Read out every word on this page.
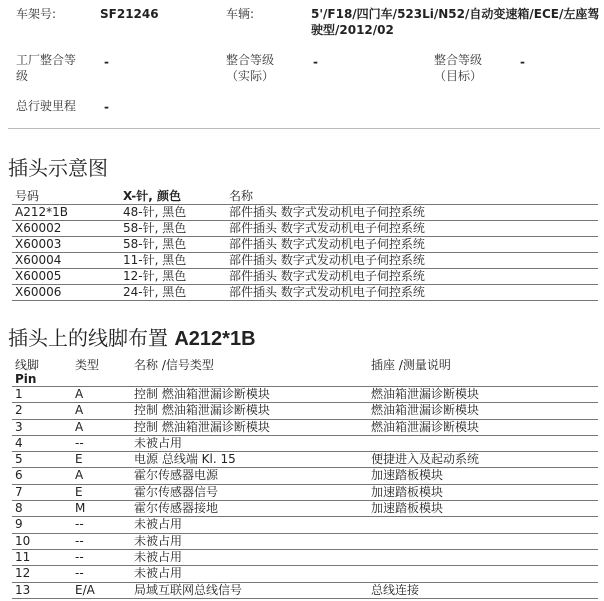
车架号:	SF21246	车辆:	5'/F18/四门车/523Li/N52/自动变速箱/ECE/左座驾
驶型/2012/02
工厂整合等
级
-	整合等级
（实际）
-	整合等级
（目标）
-
总行驶里程 -
插头示意图
号码	X-针, 颜色	名称
A212*1B	48-针, 黑色	部件插头 数字式发动机电子伺控系统
X60002	58-针, 黑色	部件插头 数字式发动机电子伺控系统
X60003	58-针, 黑色	部件插头 数字式发动机电子伺控系统
X60004	11-针, 黑色	部件插头 数字式发动机电子伺控系统
X60005	12-针, 黑色	部件插头 数字式发动机电子伺控系统
X60006	24-针, 黑色	部件插头 数字式发动机电子伺控系统
插头上的线脚布置 A212*1B
线脚
Pin	类型	名称 /信号类型	插座 /测量说明
1	A	控制 燃油箱泄漏诊断模块	燃油箱泄漏诊断模块
2	A	控制 燃油箱泄漏诊断模块	燃油箱泄漏诊断模块
3	A	控制 燃油箱泄漏诊断模块	燃油箱泄漏诊断模块
4	--	未被占用	
5	E	电源 总线端 Kl. 15	便捷进入及起动系统
6	A	霍尔传感器电源	加速踏板模块
7	E	霍尔传感器信号	加速踏板模块
8	M	霍尔传感器接地	加速踏板模块
9	--	未被占用	
10	--	未被占用	
11	--	未被占用	
12	--	未被占用	
13	E/A	局域互联网总线信号	总线连接
